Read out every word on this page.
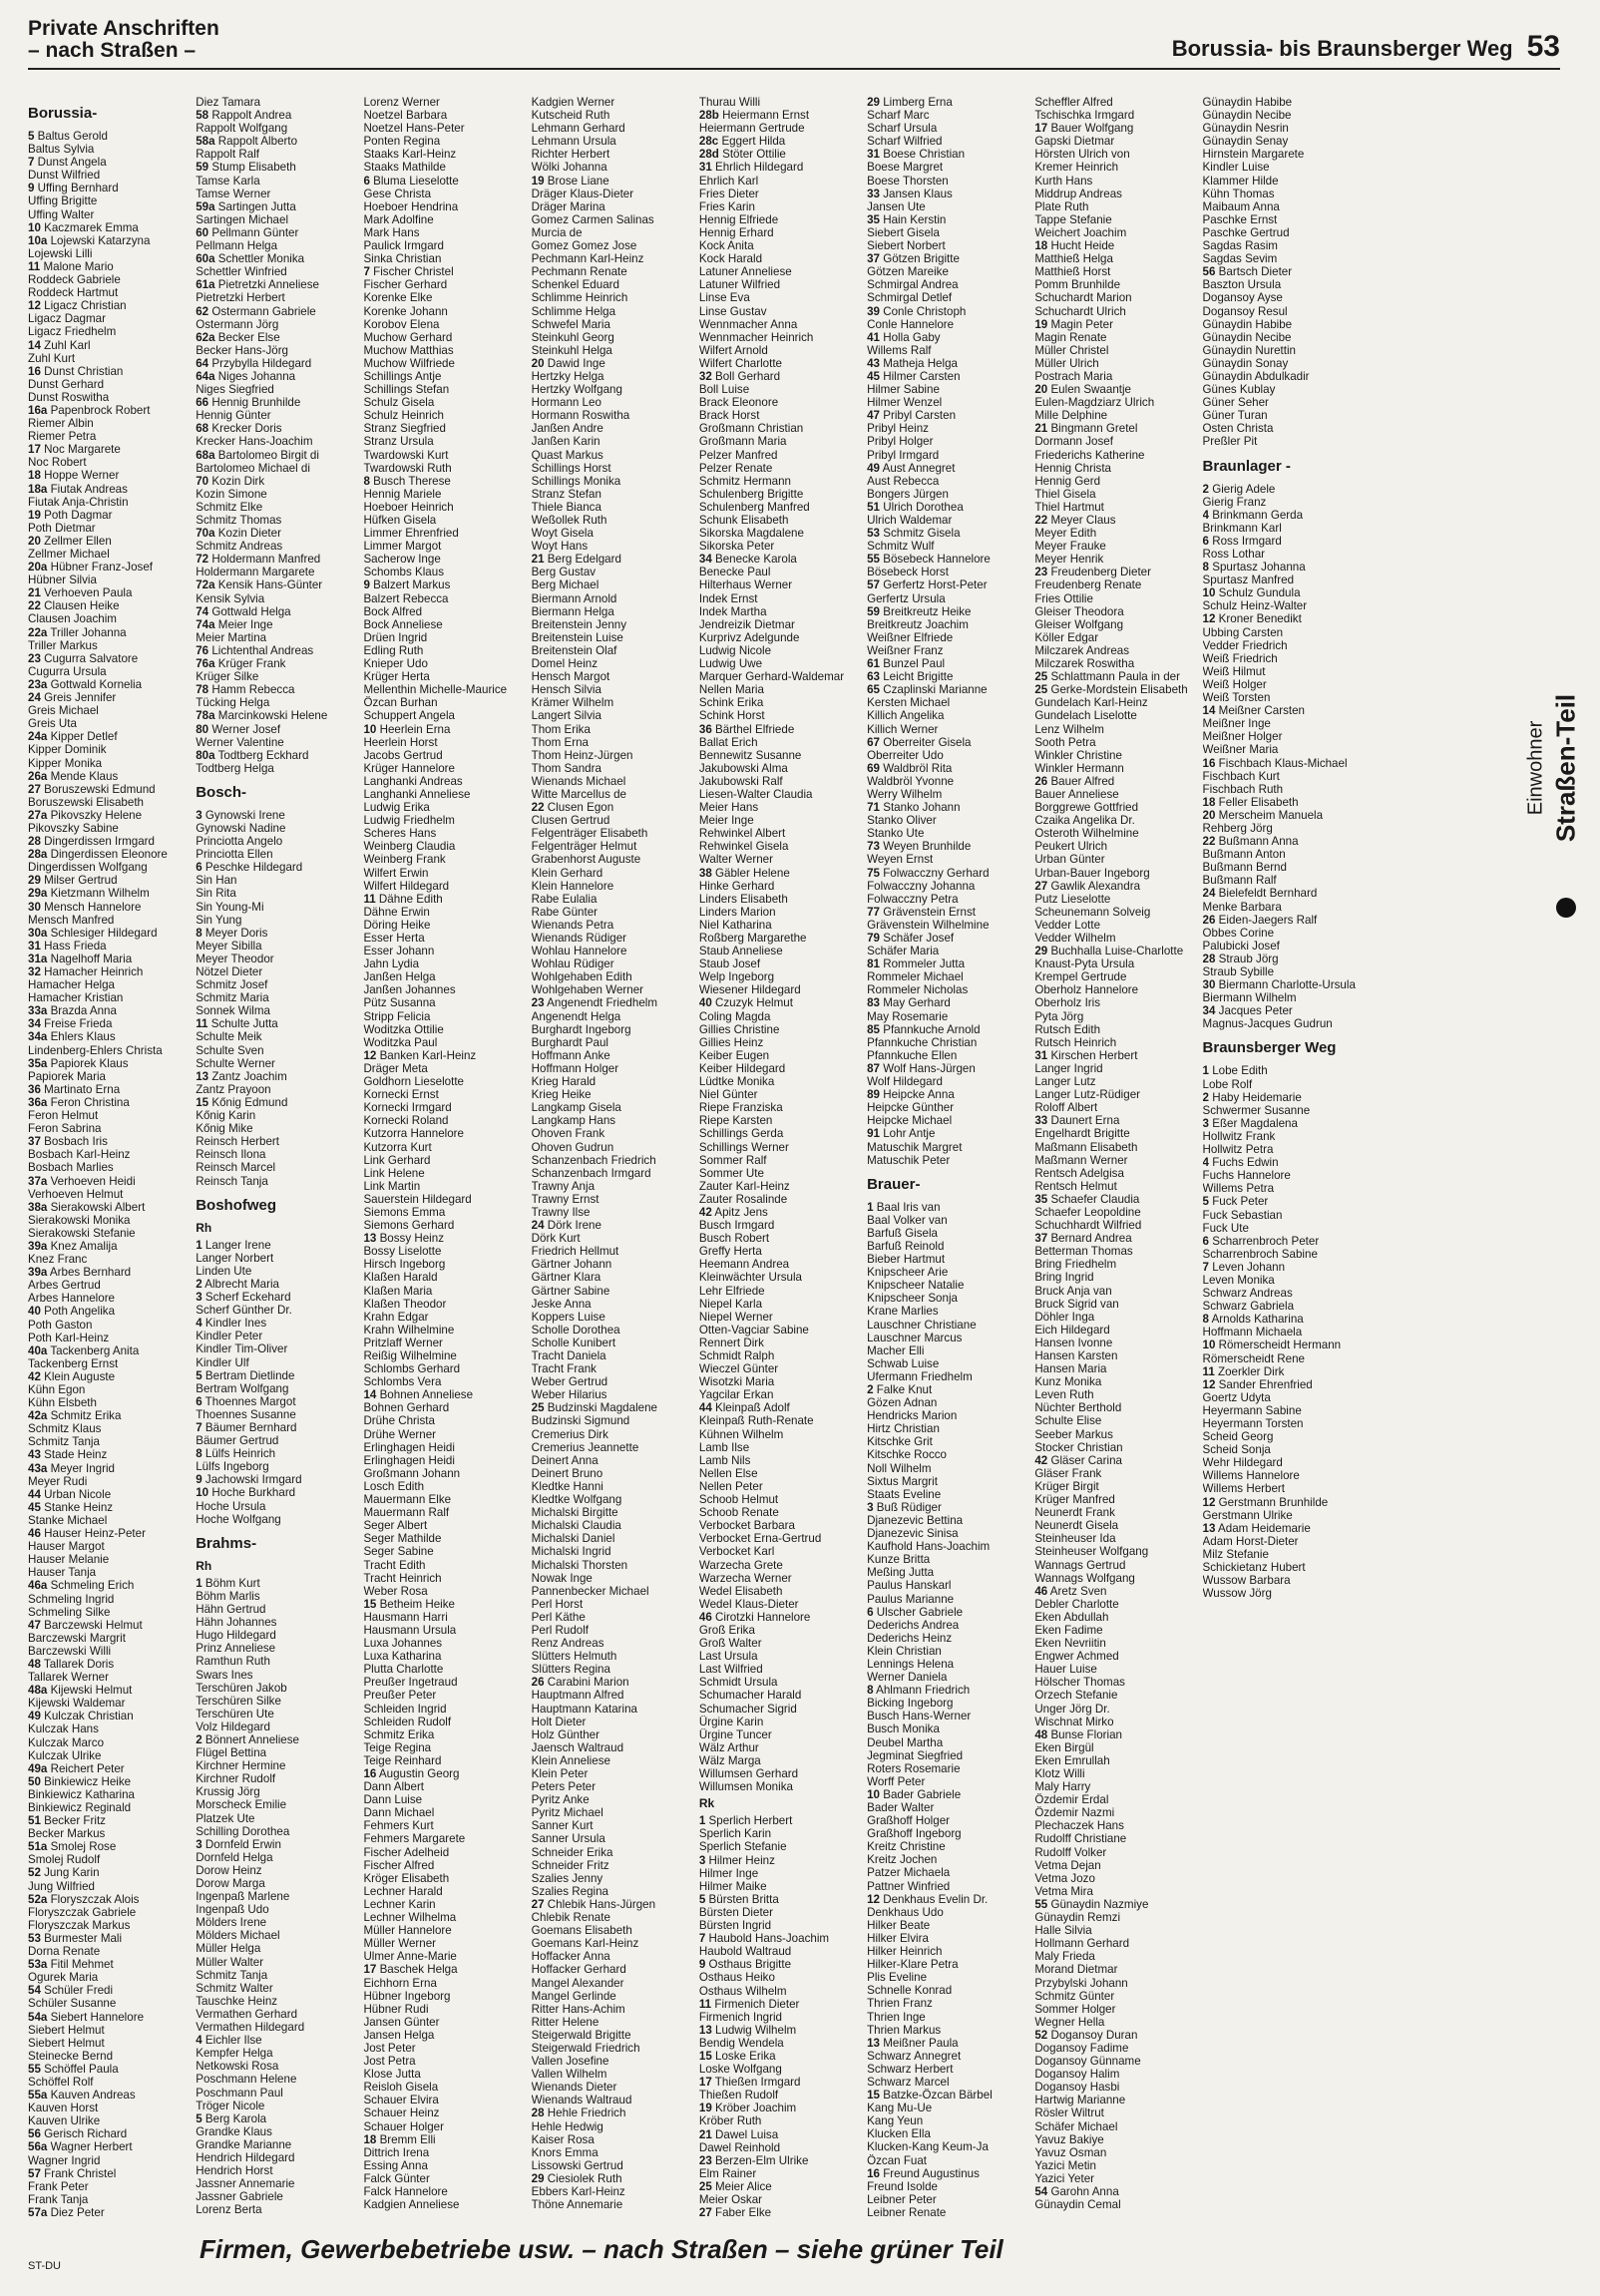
Private Anschriften
– nach Straßen –	Borussia- bis Braunsberger Weg 53
Borussia-
5 Baltus Gerold
Baltus Sylvia
7 Dunst Angela
Dunst Wilfried
9 Uffing Bernhard
Uffing Brigitte
Uffing Walter
10 Kaczmarek Emma
10a Lojewski Katarzyna
Lojewski Lilli
11 Malone Mario
Roddeck Gabriele
Roddeck Hartmut
12 Ligacz Christian
Ligacz Dagmar
Ligacz Friedhelm
14 Zuhl Karl
Zuhl Kurt
16 Dunst Christian
Dunst Gerhard
Dunst Roswitha
16a Papenbrock Robert
Riemer Albin
Riemer Petra
17 Noc Margarete
Noc Robert
18 Hoppe Werner
18a Fiutak Andreas
Fiutak Anja-Christin
19 Poth Dagmar
Poth Dietmar
20 Zellmer Ellen
Zellmer Michael
20a Hübner Franz-Josef
Hübner Silvia
21 Verhoeven Paula
22 Clausen Heike
Clausen Joachim
22a Triller Johanna
Triller Markus
23 Cugurra Salvatore
Cugurra Ursula
23a Gottwald Kornelia
24 Greis Jennifer
Greis Michael
Greis Uta
24a Kipper Detlef
Kipper Dominik
Kipper Monika
26a Mende Klaus
27 Boruszewski Edmund
Boruszewski Elisabeth
27a Pikovszky Helene
Pikovszky Sabine
28 Dingerdissen Irmgard
28a Dingerdissen Eleonore
Dingerdissen Wolfgang
29 Milser Gertrud
29a Kietzmann Wilhelm
30 Mensch Hannelore
Mensch Manfred
30a Schlesiger Hildegard
31 Hass Frieda
31a Nagelhoff Maria
32 Hamacher Heinrich
Hamacher Helga
Hamacher Kristian
33a Brazda Anna
34 Freise Frieda
34a Ehlers Klaus
Lindenberg-Ehlers Christa
35a Papiorek Klaus
Papiorek Maria
36 Martinato Erna
36a Feron Christina
Feron Helmut
Feron Sabrina
37 Bosbach Iris
Bosbach Karl-Heinz
Bosbach Marlies
37a Verhoeven Heidi
Verhoeven Helmut
38a Sierakowski Albert
Sierakowski Monika
Sierakowski Stefanie
39a Knez Amalija
Knez Franc
39a Arbes Bernhard
Arbes Gertrud
Arbes Hannelore
40 Poth Angelika
Poth Gaston
Poth Karl-Heinz
40a Tackenberg Anita
Tackenberg Ernst
42 Klein Auguste
Kühn Egon
Kühn Elsbeth
42a Schmitz Erika
Schmitz Klaus
Schmitz Tanja
43 Stade Heinz
43a Meyer Ingrid
Meyer Rudi
44 Urban Nicole
45 Stanke Heinz
Stanke Michael
46 Hauser Heinz-Peter
Hauser Margot
Hauser Melanie
Hauser Tanja
46a Schmeling Erich
Schmeling Ingrid
Schmeling Silke
47 Barczewski Helmut
Barczewski Margrit
Barczewski Willi
48 Tallarek Doris
Tallarek Werner
48a Kijewski Helmut
Kijewski Waldemar
49 Kulczak Christian
Kulczak Hans
Kulczak Marco
Kulczak Ulrike
49a Reichert Peter
50 Binkiewicz Heike
Binkiewicz Katharina
Binkiewicz Reginald
51 Becker Fritz
Becker Markus
51a Smolej Rose
Smolej Rudolf
52 Jung Karin
Jung Wilfried
52a Floryszczak Alois
Floryszczak Gabriele
Floryszczak Markus
53 Burmester Mali
Dorna Renate
53a Fitil Mehmet
Ogurek Maria
54 Schüler Fredi
Schüler Susanne
54a Siebert Hannelore
Siebert Helmut
Siebert Helmut
Steinecke Bernd
55 Schöffel Paula
Schöffel Rolf
55a Kauven Andreas
Kauven Horst
Kauven Ulrike
56 Gerisch Richard
56a Wagner Herbert
Wagner Ingrid
57 Frank Christel
Frank Peter
Frank Tanja
57a Diez Peter
Diez Tamara
58 Rappolt Andrea
Rappolt Wolfgang
58a Rappolt Alberto
Rappolt Ralf
59 Stump Elisabeth
Tamse Karla
Tamse Werner
59a Sartingen Jutta
Sartingen Michael
60 Pellmann Günter
Pellmann Helga
60a Schettler Monika
Schettler Winfried
61a Pietretzki Anneliese
Pietretzki Herbert
62 Ostermann Gabriele
Ostermann Jörg
62a Becker Else
Becker Hans-Jörg
64 Przybylla Hildegard
64a Niges Johanna
Niges Siegfried
66 Hennig Brunhilde
Hennig Günter
68 Krecker Doris
Krecker Hans-Joachim
68a Bartolomeo Birgit di
Bartolomeo Michael di
70 Kozin Dirk
Kozin Simone
Schmitz Elke
Schmitz Thomas
70a Kozin Dieter
Schmitz Andreas
72 Holdermann Manfred
Holdermann Margarete
72a Kensik Hans-Günter
Kensik Sylvia
74 Gottwald Helga
74a Meier Inge
Meier Martina
76 Lichtenthal Andreas
76a Krüger Frank
Krüger Silke
78 Hamm Rebecca
Tücking Helga
78a Marcinkowski Helene
80 Werner Josef
Werner Valentine
80a Todtberg Eckhard
Todtberg Helga
Bosch-
3 Gynowski Irene
Gynowski Nadine
Princiotta Angelo
Princiotta Ellen
6 Peschke Hildegard
Sin Han
Sin Rita
Sin Young-Mi
Sin Yung
8 Meyer Doris
Meyer Sibilla
Meyer Theodor
Nötzel Dieter
Schmitz Josef
Schmitz Maria
Sonnek Wilma
11 Schulte Jutta
Schulte Meik
Schulte Sven
Schulte Werner
13 Zantz Joachim
Zantz Prayoon
15 Kőnig Edmund
Kőnig Karin
Kőnig Mike
Reinsch Herbert
Reinsch Ilona
Reinsch Marcel
Reinsch Tanja
Boshofweg
Rh
1 Langer Irene
Langer Norbert
Linden Ute
2 Albrecht Maria
3 Scherf Eckehard
Scherf Günther Dr.
4 Kindler Ines
Kindler Peter
Kindler Tim-Oliver
Kindler Ulf
5 Bertram Dietlinde
Bertram Wolfgang
6 Thoennes Margot
Thoennes Susanne
7 Bäumer Bernhard
Bäumer Gertrud
8 Lülfs Heinrich
Lülfs Ingeborg
9 Jachowski Irmgard
10 Hoche Burkhard
Hoche Ursula
Hoche Wolfgang
Brahms-
Rh
1 Böhm Kurt
Böhm Marlis
Hähn Gertrud
Hähn Johannes
Hugo Hildegard
Prinz Anneliese
Ramthun Ruth
Swars Ines
Terschüren Jakob
Terschüren Silke
Terschüren Ute
Volz Hildegard
2 Bönnert Anneliese
Flügel Bettina
Kirchner Hermine
Kirchner Rudolf
Krussig Jörg
Morscheck Emilie
Platzek Ute
Schilling Dorothea
3 Dornfeld Erwin
Dornfeld Helga
Dorow Heinz
Dorow Marga
Ingenpaß Marlene
Ingenpaß Udo
Mölders Irene
Mölders Michael
Müller Helga
Müller Walter
Schmitz Tanja
Schmitz Walter
Tauschke Heinz
Vermathen Gerhard
Vermathen Hildegard
4 Eichler Ilse
Kempfer Helga
Netkowski Rosa
Poschmann Helene
Poschmann Paul
Tröger Nicole
5 Berg Karola
Grandke Klaus
Grandke Marianne
Hendrich Hildegard
Hendrich Horst
Jassner Annemarie
Jassner Gabriele
Lorenz Berta
Lorenz Werner
Noetzel Barbara
Noetzel Hans-Peter
Ponten Regina
Staaks Karl-Heinz
Staaks Mathilde
6 Bluma Lieselotte
Gese Christa
Hoeboer Hendrina
Mark Adolfine
Mark Hans
Paulick Irmgard
Sinka Christian
7 Fischer Christel
Fischer Gerhard
Korenke Elke
Korenke Johann
Korobov Elena
Muchow Gerhard
Muchow Matthias
Muchow Wilfriede
Schillings Antje
Schillings Stefan
Schulz Gisela
Schulz Heinrich
Stranz Siegfried
Stranz Ursula
Twardowski Kurt
Twardowski Ruth
8 Busch Therese
Hennig Mariele
Hoeboer Heinrich
Hüfken Gisela
Limmer Ehrenfried
Limmer Margot
Sacherow Inge
Schombs Klaus
9 Balzert Markus
Balzert Rebecca
Bock Alfred
Bock Anneliese
Drüen Ingrid
Edling Ruth
Knieper Udo
Krüger Herta
Mellenthin Michelle-Maurice
Özcan Burhan
Schuppert Angela
10 Heerlein Erna
Heerlein Horst
Jacobs Gertrud
Krüger Hannelore
Langhanki Andreas
Langhanki Anneliese
Ludwig Erika
Ludwig Friedhelm
Scheres Hans
Weinberg Claudia
Weinberg Frank
Wilfert Erwin
Wilfert Hildegard
11 Dähne Edith
Dähne Erwin
Döring Heike
Esser Herta
Esser Johann
Jahn Lydia
Janßen Helga
Janßen Johannes
Pütz Susanna
Stripp Felicia
Woditzka Ottilie
Woditzka Paul
12 Banken Karl-Heinz
Dräger Meta
Goldhorn Lieselotte
Kornecki Ernst
Kornecki Irmgard
Kornecki Roland
Kutzorra Hannelore
Kutzorra Kurt
Link Gerhard
Link Helene
Link Martin
Sauerstein Hildegard
Siemons Emma
Siemons Gerhard
13 Bossy Heinz
Bossy Liselotte
Hirsch Ingeborg
Klaßen Harald
Klaßen Maria
Klaßen Theodor
Krahn Edgar
Krahn Wilhelmine
Pritzlaff Werner
Reißig Wilhelmine
Schlombs Gerhard
Schlombs Vera
14 Bohnen Anneliese
Bohnen Gerhard
Drühe Christa
Drühe Werner
Erlinghagen Heidi
Erlinghagen Heidi
Großmann Johann
Losch Edith
Mauermann Elke
Mauermann Ralf
Seger Albert
Seger Mathilde
Seger Sabine
Tracht Edith
Tracht Heinrich
Weber Rosa
15 Betheim Heike
Hausmann Harri
Hausmann Ursula
Luxa Johannes
Luxa Katharina
Plutta Charlotte
Preußer Ingetraud
Preußer Peter
Schleiden Ingrid
Schleiden Rudolf
Schmitz Erika
Teige Regina
Teige Reinhard
16 Augustin Georg
Dann Albert
Dann Luise
Dann Michael
Fehmers Kurt
Fehmers Margarete
Fischer Adelheid
Fischer Alfred
Kröger Elisabeth
Lechner Harald
Lechner Karin
Lechner Wilhelma
Müller Hannelore
Müller Werner
Ulmer Anne-Marie
17 Baschek Helga
Eichhorn Erna
Hübner Ingeborg
Hübner Rudi
Jansen Günter
Jansen Helga
Jost Peter
Jost Petra
Klose Jutta
Reisloh Gisela
Schauer Elvira
Schauer Heinz
Schauer Holger
18 Bremm Elli
Dittrich Irena
Essing Anna
Falck Günter
Falck Hannelore
Kadgien Anneliese
Kadgien Werner
Kutscheid Ruth
Lehmann Gerhard
Lehmann Ursula
Richter Herbert
Wölki Johanna
19 Brose Liane
Dräger Klaus-Dieter
Dräger Marina
Gomez Carmen Salinas
Murcia de
Gomez Gomez Jose
Pechmann Karl-Heinz
Pechmann Renate
Schenkel Eduard
Schlimme Heinrich
Schlimme Helga
Schwefel Maria
Steinkuhl Georg
Steinkuhl Helga
20 Dawid Inge
Hertzky Helga
Hertzky Wolfgang
Hormann Leo
Hormann Roswitha
Janßen Andre
Janßen Karin
Quast Markus
Schillings Horst
Schillings Monika
Stranz Stefan
Thiele Bianca
Weßollek Ruth
Woyt Gisela
Woyt Hans
21 Berg Edelgard
Berg Gustav
Berg Michael
Biermann Arnold
Biermann Helga
Breitenstein Jenny
Breitenstein Luise
Breitenstein Olaf
Domel Heinz
Hensch Margot
Hensch Silvia
Krämer Wilhelm
Langert Silvia
Thom Erika
Thom Erna
Thom Heinz-Jürgen
Thom Sandra
Wienands Michael
Witte Marcellus de
22 Clusen Egon
Clusen Gertrud
Felgenträger Elisabeth
Felgenträger Helmut
Grabenhorst Auguste
Klein Gerhard
Klein Hannelore
Rabe Eulalia
Rabe Günter
Wienands Petra
Wienands Rüdiger
Wohlau Hannelore
Wohlau Rüdiger
Wohlgehaben Edith
Wohlgehaben Werner
23 Angenendt Friedhelm
Angenendt Helga
Burghardt Ingeborg
Burghardt Paul
Hoffmann Anke
Hoffmann Holger
Krieg Harald
Krieg Heike
Langkamp Gisela
Langkamp Hans
Ohoven Frank
Ohoven Gudrun
Schanzenbach Friedrich
Schanzenbach Irmgard
Trawny Anja
Trawny Ernst
Trawny Ilse
24 Dörk Irene
Dörk Kurt
Friedrich Hellmut
Gärtner Johann
Gärtner Klara
Gärtner Sabine
Jeske Anna
Koppers Luise
Scholle Dorothea
Scholle Kunibert
Tracht Daniela
Tracht Frank
Weber Gertrud
Weber Hilarius
25 Budzinski Magdalene
Budzinski Sigmund
Cremerius Dirk
Cremerius Jeannette
Deinert Anna
Deinert Bruno
Kledtke Hanni
Kledtke Wolfgang
Michalski Birgitte
Michalski Claudia
Michalski Daniel
Michalski Ingrid
Michalski Thorsten
Nowak Inge
Pannenbecker Michael
Perl Horst
Perl Käthe
Perl Rudolf
Renz Andreas
Slütters Helmuth
Slütters Regina
26 Carabini Marion
Hauptmann Alfred
Hauptmann Katarina
Holt Dieter
Holz Günther
Jaensch Waltraud
Klein Anneliese
Klein Peter
Peters Peter
Pyritz Anke
Pyritz Michael
Sanner Kurt
Sanner Ursula
Schneider Erika
Schneider Fritz
Szalies Jenny
Szalies Regina
27 Chlebik Hans-Jürgen
Chlebik Renate
Goemans Elisabeth
Goemans Karl-Heinz
Hoffacker Anna
Hoffacker Gerhard
Mangel Alexander
Mangel Gerlinde
Ritter Hans-Achim
Ritter Helene
Steigerwald Brigitte
Steigerwald Friedrich
Vallen Josefine
Vallen Wilhelm
Wienands Dieter
Wienands Waltraud
28 Hehle Friedrich
Hehle Hedwig
Kaiser Rosa
Knors Emma
Lissowski Gertrud
29 Ciesiolek Ruth
Ebbers Karl-Heinz
Thöne Annemarie
Thurau Willi
28b Heiermann Ernst
Heiermann Gertrude
28c Eggert Hilda
28d Stöter Ottilie
31 Ehrlich Hildegard
Ehrlich Karl
Fries Dieter
Fries Karin
Hennig Elfriede
Hennig Erhard
Kock Anita
Kock Harald
Latuner Anneliese
Latuner Wilfried
Linse Eva
Linse Gustav
Wennmacher Anna
Wennmacher Heinrich
Wilfert Arnold
Wilfert Charlotte
32 Boll Gerhard
Boll Luise
Brack Eleonore
Brack Horst
Großmann Christian
Großmann Maria
Pelzer Manfred
Pelzer Renate
Schmitz Hermann
Schulenberg Brigitte
Schulenberg Manfred
Schunk Elisabeth
Sikorska Magdalene
Sikorska Peter
34 Benecke Karola
Benecke Paul
Hilterhaus Werner
Indek Ernst
Indek Martha
Jendreizik Dietmar
Kurprivz Adelgunde
Ludwig Nicole
Ludwig Uwe
Marquer Gerhard-Waldemar
Nellen Maria
Schink Erika
Schink Horst
36 Bärthel Elfriede
Ballat Erich
Bennewitz Susanne
Jakubowski Alma
Jakubowski Ralf
Liesen-Walter Claudia
Meier Hans
Meier Inge
Rehwinkel Albert
Rehwinkel Gisela
Walter Werner
38 Gäbler Helene
Hinke Gerhard
Linders Elisabeth
Linders Marion
Niel Katharina
Roßberg Margarethe
Staub Anneliese
Staub Josef
Welp Ingeborg
Wiesener Hildegard
40 Czuzyk Helmut
Coling Magda
Gillies Christine
Gillies Heinz
Keiber Eugen
Keiber Hildegard
Lüdtke Monika
Niel Günter
Riepe Franziska
Riepe Karsten
Schillings Gerda
Schillings Werner
Sommer Ralf
Sommer Ute
Zauter Karl-Heinz
Zauter Rosalinde
42 Apitz Jens
Busch Irmgard
Busch Robert
Greffy Herta
Heemann Andrea
Kleinwächter Ursula
Lehr Elfriede
Niepel Karla
Niepel Werner
Otten-Vagciar Sabine
Rennert Dirk
Schmidt Ralph
Wieczel Günter
Wisotzki Maria
Yagcilar Erkan
44 Kleinpaß Adolf
Kleinpaß Ruth-Renate
Kühnen Wilhelm
Lamb Ilse
Lamb Nils
Nellen Else
Nellen Peter
Schoob Helmut
Schoob Renate
Verbocket Barbara
Verbocket Erna-Gertrud
Verbocket Karl
Warzecha Grete
Warzecha Werner
Wedel Elisabeth
Wedel Klaus-Dieter
46 Cirotzki Hannelore
Groß Erika
Groß Walter
Last Ursula
Last Wilfried
Schmidt Ursula
Schumacher Harald
Schumacher Sigrid
Ürgine Karin
Ürgine Tuncer
Wälz Arthur
Wälz Marga
Willumsen Gerhard
Willumsen Monika
Rk
1 Sperlich Herbert
Sperlich Karin
Sperlich Stefanie
3 Hilmer Heinz
Hilmer Inge
Hilmer Maike
5 Bürsten Britta
Bürsten Dieter
Bürsten Ingrid
7 Haubold Hans-Joachim
Haubold Waltraud
9 Osthaus Brigitte
Osthaus Heiko
Osthaus Wilhelm
11 Firmenich Dieter
Firmenich Ingrid
13 Ludwig Wilhelm
Bendig Wendela
15 Loske Erika
Loske Wolfgang
17 Thießen Irmgard
Thießen Rudolf
19 Kröber Joachim
Kröber Ruth
21 Dawel Luisa
Dawel Reinhold
23 Berzen-Elm Ulrike
Elm Rainer
25 Meier Alice
Meier Oskar
27 Faber Elke
29 Limberg Erna
Scharf Marc
Scharf Ursula
Scharf Wilfried
31 Boese Christian
Boese Margret
Boese Thorsten
33 Jansen Klaus
Jansen Ute
35 Hain Kerstin
Siebert Gisela
Siebert Norbert
37 Götzen Brigitte
Götzen Mareike
Schmirgal Andrea
Schmirgal Detlef
39 Conle Christoph
Conle Hannelore
41 Holla Gaby
Willems Ralf
43 Matheja Helga
45 Hilmer Carsten
Hilmer Sabine
Hilmer Wenzel
47 Pribyl Carsten
Pribyl Heinz
Pribyl Holger
Pribyl Irmgard
49 Aust Annegret
Aust Rebecca
Bongers Jürgen
51 Ulrich Dorothea
Ulrich Waldemar
53 Schmitz Gisela
Schmitz Wulf
55 Bösebeck Hannelore
Bösebeck Horst
57 Gerfertz Horst-Peter
Gerfertz Ursula
59 Breitkreutz Heike
Breitkreutz Joachim
Weißner Elfriede
Weißner Franz
61 Bunzel Paul
63 Leicht Brigitte
65 Czaplinski Marianne
Kersten Michael
Killich Angelika
Killich Werner
67 Oberreiter Gisela
Oberreiter Udo
69 Waldbröl Rita
Waldbröl Yvonne
Werry Wilhelm
71 Stanko Johann
Stanko Oliver
Stanko Ute
73 Weyen Brunhilde
Weyen Ernst
75 Folwacczny Gerhard
Folwacczny Johanna
Folwacczny Petra
77 Grävenstein Ernst
Grävenstein Wilhelmine
79 Schäfer Josef
Schäfer Maria
81 Rommeler Jutta
Rommeler Michael
Rommeler Nicholas
83 May Gerhard
May Rosemarie
85 Pfannkuche Arnold
Pfannkuche Christian
Pfannkuche Ellen
87 Wolf Hans-Jürgen
Wolf Hildegard
89 Heipcke Anna
Heipcke Günther
Heipcke Michael
91 Lohr Antje
Matuschik Margret
Matuschik Peter
Brauer-
1 Baal Iris van
Baal Volker van
Barfuß Gisela
Barfuß Reinold
Bieber Hartmut
Knipscheer Arie
Knipscheer Natalie
Knipscheer Sonja
Krane Marlies
Lauschner Christiane
Lauschner Marcus
Macher Elli
Schwab Luise
Ufermann Friedhelm
2 Falke Knut
Gözen Adnan
Hendricks Marion
Hirtz Christian
Kitschke Grit
Kitschke Rocco
Noll Wilhelm
Sixtus Margrit
Staats Eveline
3 Buß Rüdiger
Djanezevic Bettina
Djanezevic Sinisa
Kaufhold Hans-Joachim
Kunze Britta
Meßing Jutta
Paulus Hanskarl
Paulus Marianne
6 Ulscher Gabriele
Dederichs Andrea
Dederichs Heinz
Klein Christian
Lennings Helena
Werner Daniela
8 Ahlmann Friedrich
Bicking Ingeborg
Busch Hans-Werner
Busch Monika
Deubel Martha
Jegminat Siegfried
Roters Rosemarie
Worff Peter
10 Bader Gabriele
Bader Walter
Graßhoff Holger
Graßhoff Ingeborg
Kreitz Christine
Kreitz Jochen
Patzer Michaela
Pattner Winfried
12 Denkhaus Evelin Dr.
Denkhaus Udo
Hilker Beate
Hilker Elvira
Hilker Heinrich
Hilker-Klare Petra
Plis Eveline
Schnelle Konrad
Thrien Franz
Thrien Inge
Thrien Markus
13 Meißner Paula
Schwarz Annegret
Schwarz Herbert
Schwarz Marcel
15 Batzke-Özcan Bärbel
Kang Mu-Ue
Kang Yeun
Klucken Ella
Klucken-Kang Keum-Ja
Özcan Fuat
16 Freund Augustinus
Freund Isolde
Leibner Peter
Leibner Renate
Scheffler Alfred
Tschischka Irmgard
17 Bauer Wolfgang
Gapski Dietmar
Hörsten Ulrich von
Kremer Heinrich
Kurth Hans
Middrup Andreas
Plate Ruth
Tappe Stefanie
Weichert Joachim
18 Hucht Heide
Matthieß Helga
Matthieß Horst
Pomm Brunhilde
Schuchardt Marion
Schuchardt Ulrich
19 Magin Peter
Magin Renate
Müller Christel
Müller Ulrich
Postrach Maria
20 Eulen Swaantje
Eulen-Magdziarz Ulrich
Mille Delphine
21 Bingmann Gretel
Dormann Josef
Friederichs Katherine
Hennig Christa
Hennig Gerd
Thiel Gisela
Thiel Hartmut
22 Meyer Claus
Meyer Edith
Meyer Frauke
Meyer Henrik
23 Freudenberg Dieter
Freudenberg Renate
Fries Ottilie
Gleiser Theodora
Gleiser Wolfgang
Köller Edgar
Milczarek Andreas
Milczarek Roswitha
25 Schlattmann Paula in der
25 Gerke-Mordstein Elisabeth
Gundelach Karl-Heinz
Gundelach Liselotte
Lenz Wilhelm
Sooth Petra
Winkler Christine
Winkler Hermann
26 Bauer Alfred
Bauer Anneliese
Borggrewe Gottfried
Czaika Angelika Dr.
Osteroth Wilhelmine
Peukert Ulrich
Urban Günter
Urban-Bauer Ingeborg
27 Gawlik Alexandra
Putz Lieselotte
Scheunemann Solveig
Vedder Lotte
Vedder Wilhelm
29 Buchhalla Luise-Charlotte
Knaust-Pyta Ursula
Krempel Gertrude
Oberholz Hannelore
Oberholz Iris
Pyta Jörg
Rutsch Edith
Rutsch Heinrich
31 Kirschen Herbert
Langer Ingrid
Langer Lutz
Langer Lutz-Rüdiger
Roloff Albert
33 Daunert Erna
Engelhardt Brigitte
Maßmann Elisabeth
Maßmann Werner
Rentsch Adelgisa
Rentsch Helmut
35 Schaefer Claudia
Schaefer Leopoldine
Schuchhardt Wilfried
37 Bernard Andrea
Betterman Thomas
Bring Friedhelm
Bring Ingrid
Bruck Anja van
Bruck Sigrid van
Döhler Inga
Eich Hildegard
Hansen Ivonne
Hansen Karsten
Hansen Maria
Kunz Monika
Leven Ruth
Nüchter Berthold
Schulte Elise
Seeber Markus
Stocker Christian
42 Gläser Carina
Gläser Frank
Krüger Birgit
Krüger Manfred
Neunerdt Frank
Neunerdt Gisela
Steinheuser Ida
Steinheuser Wolfgang
Wannags Gertrud
Wannags Wolfgang
46 Aretz Sven
Debler Charlotte
Eken Abdullah
Eken Fadime
Eken Nevriitin
Engwer Achmed
Hauer Luise
Hölscher Thomas
Orzech Stefanie
Unger Jörg Dr.
Wischnat Mirko
48 Bunse Florian
Eken Birgül
Eken Emrullah
Klotz Willi
Maly Harry
Özdemir Erdal
Özdemir Nazmi
Plechaczek Hans
Rudolff Christiane
Rudolff Volker
Vetma Dejan
Vetma Jozo
Vetma Mira
55 Günaydin Nazmiye
Günaydin Remzi
Halle Silvia
Hollmann Gerhard
Maly Frieda
Morand Dietmar
Przybylski Johann
Schmitz Günter
Sommer Holger
Wegner Hella
52 Dogansoy Duran
Dogansoy Fadime
Dogansoy Günname
Dogansoy Halim
Dogansoy Hasbi
Hartwig Marianne
Rösler Wiltrut
Schäfer Michael
Yavuz Bakiye
Yavuz Osman
Yazici Metin
Yazici Yeter
54 Garohn Anna
Günaydin Cemal
Günaydin Habibe
Günaydin Necibe
Günaydin Nesrin
Günaydin Senay
Hirnstein Margarete
Kindler Luise
Klammer Hilde
Kühn Thomas
Maibaum Anna
Paschke Ernst
Paschke Gertrud
Sagdas Rasim
Sagdas Sevim
56 Bartsch Dieter
Baszton Ursula
Dogansoy Ayse
Dogansoy Resul
Günaydin Habibe
Günaydin Necibe
Günaydin Nurettin
Günaydin Sonay
Günaydin Abdulkadir
Günes Kublay
Güner Seher
Güner Turan
Osten Christa
Preßler Pit
Braunlager -
2 Gierig Adele
Gierig Franz
4 Brinkmann Gerda
Brinkmann Karl
6 Ross Irmgard
Ross Lothar
8 Spurtasz Johanna
Spurtasz Manfred
10 Schulz Gundula
Schulz Heinz-Walter
12 Kroner Benedikt
Ubbing Carsten
Vedder Friedrich
Weiß Friedrich
Weiß Hilmut
Weiß Holger
Weiß Torsten
14 Meißner Carsten
Meißner Inge
Meißner Holger
Weißner Maria
16 Fischbach Klaus-Michael
Fischbach Kurt
Fischbach Ruth
18 Feller Elisabeth
20 Merscheim Manuela
Rehberg Jörg
22 Bußmann Anna
Bußmann Anton
Bußmann Bernd
Bußmann Ralf
24 Bielefeldt Bernhard
Menke Barbara
26 Eiden-Jaegers Ralf
Obbes Corine
Palubicki Josef
28 Straub Jörg
Straub Sybille
30 Biermann Charlotte-Ursula
Biermann Wilhelm
34 Jacques Peter
Magnus-Jacques Gudrun
Braunsberger Weg
1 Lobe Edith
Lobe Rolf
2 Haby Heidemarie
Schwermer Susanne
3 Eßer Magdalena
Hollwitz Frank
Hollwitz Petra
4 Fuchs Edwin
Fuchs Hannelore
Willems Petra
5 Fuck Peter
Fuck Sebastian
Fuck Ute
6 Scharrenbroch Peter
Scharrenbroch Sabine
7 Leven Johann
Leven Monika
Schwarz Andreas
Schwarz Gabriela
8 Arnolds Katharina
Hoffmann Michaela
10 Römerscheidt Hermann
Römerscheidt Rene
11 Zoerkler Dirk
12 Sander Ehrenfried
Goertz Udyta
Heyermann Sabine
Heyermann Torsten
Scheid Georg
Scheid Sonja
Wehr Hildegard
Willems Hannelore
Willems Herbert
12 Gerstmann Brunhilde
Gerstmann Ulrike
13 Adam Heidemarie
Adam Horst-Dieter
Milz Stefanie
Schickietanz Hubert
Wussow Barbara
Wussow Jörg
Einwohner Straßen-Teil
Firmen, Gewerbebetriebe usw. – nach Straßen – siehe grüner Teil
ST-DU
